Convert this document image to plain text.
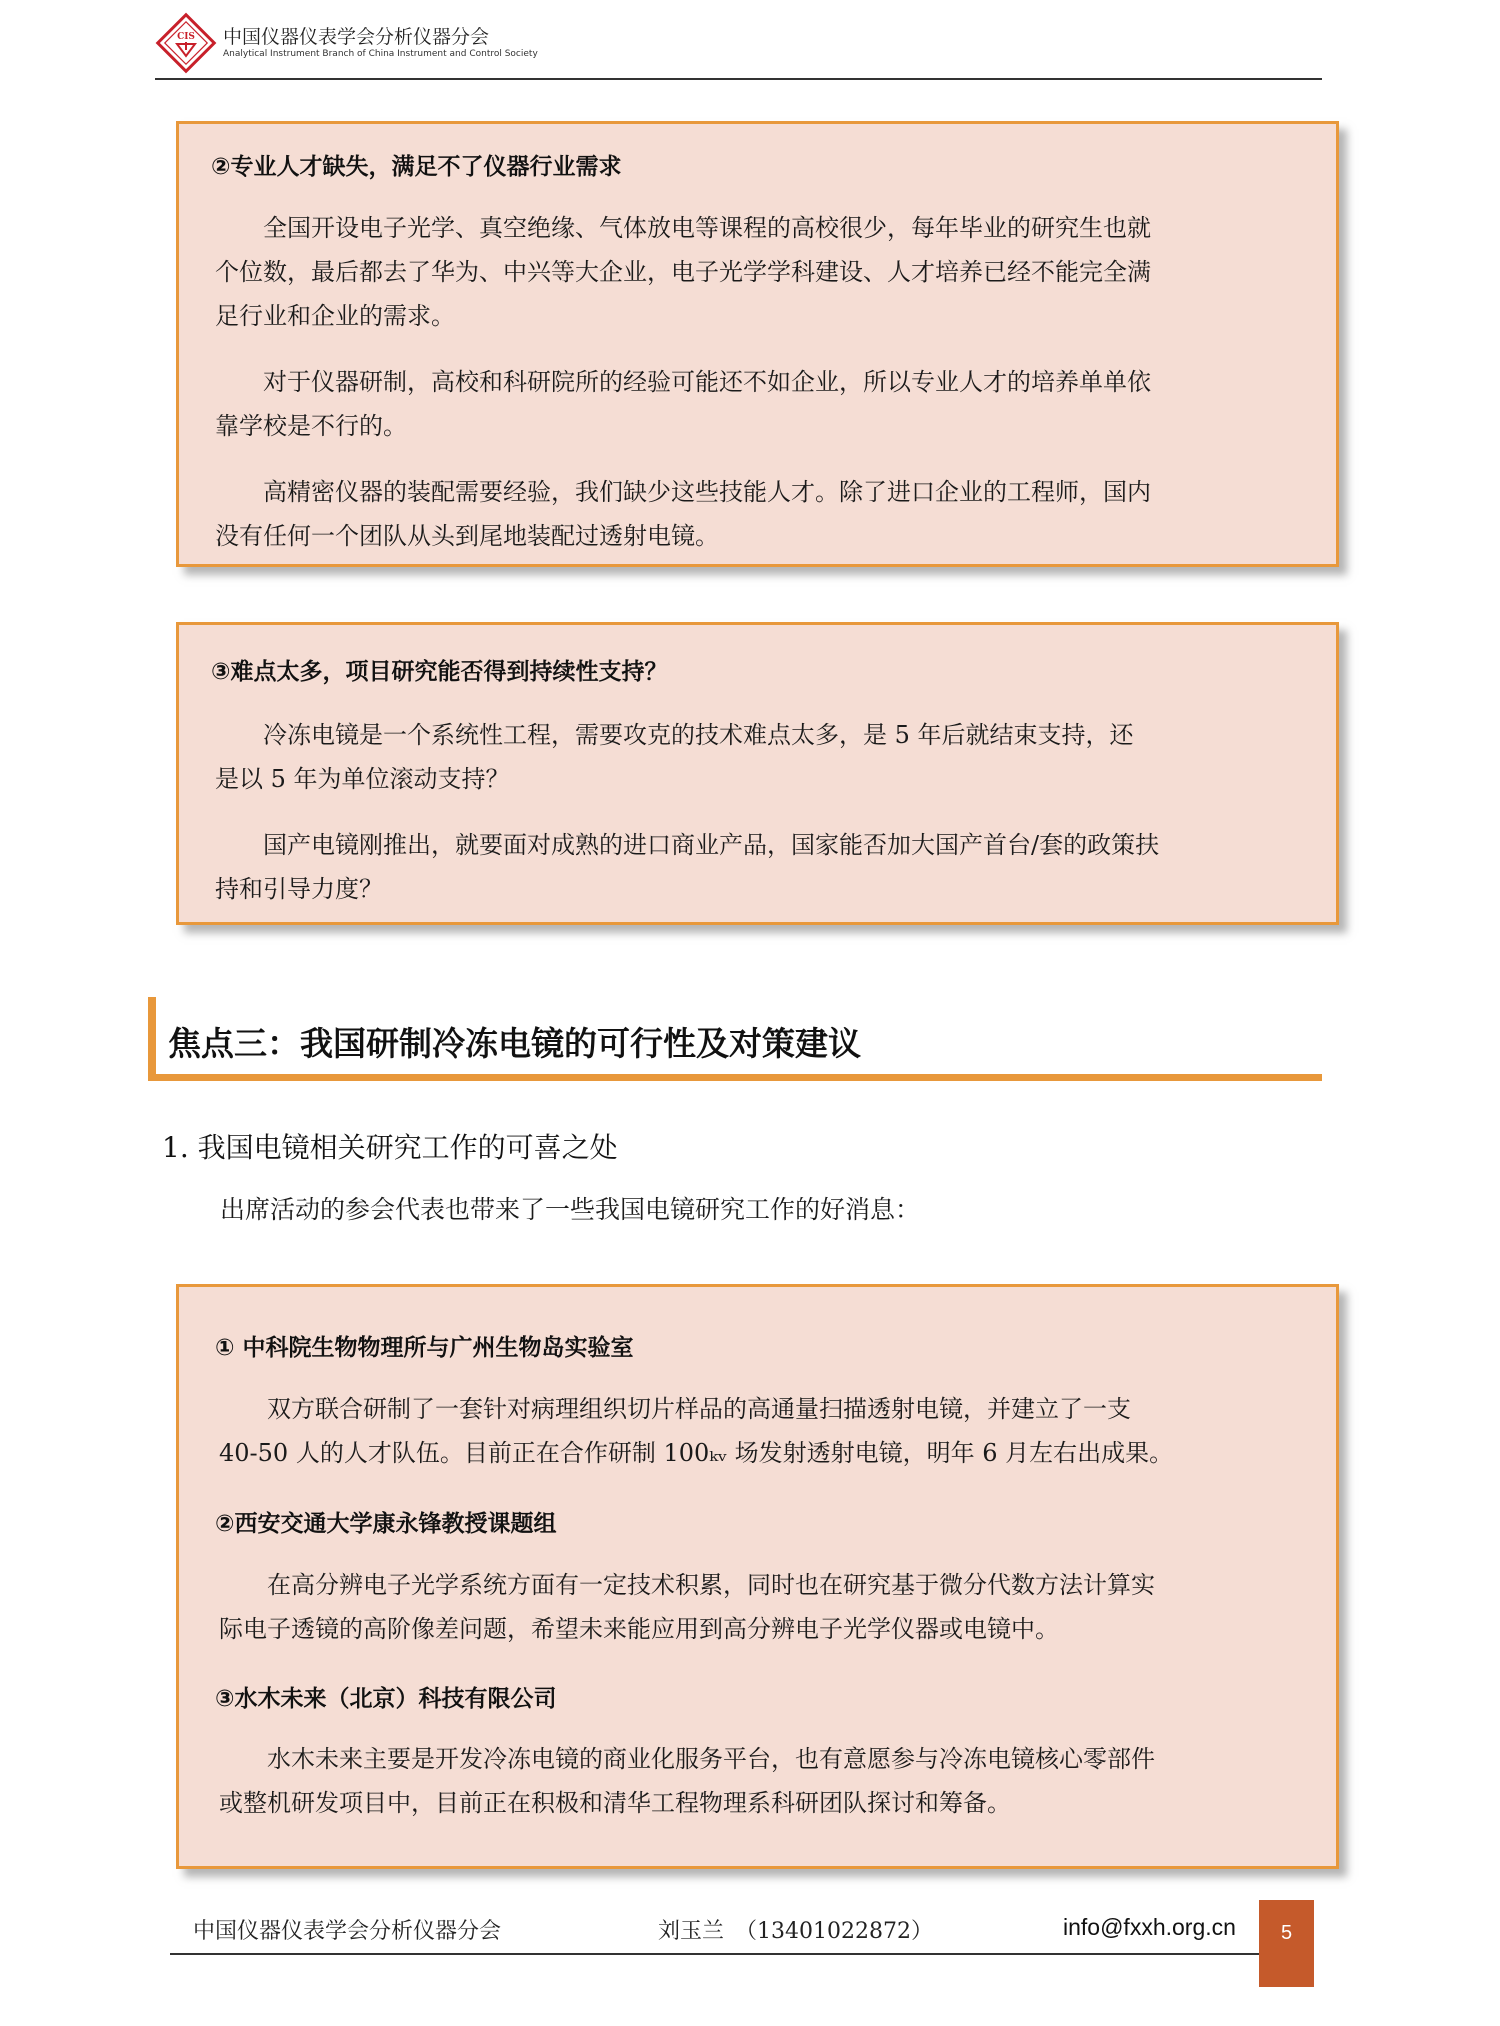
CIS 中国仪器仪表学会分析仪器分会
Analytical Instrument Branch of China Instrument and Control Society
②专业人才缺失，满足不了仪器行业需求
　　全国开设电子光学、真空绝缘、气体放电等课程的高校很少，每年毕业的研究生也就
个位数，最后都去了华为、中兴等大企业，电子光学学科建设、人才培养已经不能完全满
足行业和企业的需求。
　　对于仪器研制，高校和科研院所的经验可能还不如企业，所以专业人才的培养单单依
靠学校是不行的。
　　高精密仪器的装配需要经验，我们缺少这些技能人才。除了进口企业的工程师，国内
没有任何一个团队从头到尾地装配过透射电镜。
③难点太多，项目研究能否得到持续性支持？
　　冷冻电镜是一个系统性工程，需要攻克的技术难点太多，是 5 年后就结束支持，还
是以 5 年为单位滚动支持？
　　国产电镜刚推出，就要面对成熟的进口商业产品，国家能否加大国产首台/套的政策扶
持和引导力度？
焦点三：我国研制冷冻电镜的可行性及对策建议
1. 我国电镜相关研究工作的可喜之处
出席活动的参会代表也带来了一些我国电镜研究工作的好消息：
① 中科院生物物理所与广州生物岛实验室
　　双方联合研制了一套针对病理组织切片样品的高通量扫描透射电镜，并建立了一支
40-50 人的人才队伍。目前正在合作研制 100ₖᵥ 场发射透射电镜，明年 6 月左右出成果。
②西安交通大学康永锋教授课题组
　　在高分辨电子光学系统方面有一定技术积累，同时也在研究基于微分代数方法计算实
际电子透镜的高阶像差问题，希望未来能应用到高分辨电子光学仪器或电镜中。
③水木未来（北京）科技有限公司
　　水木未来主要是开发冷冻电镜的商业化服务平台，也有意愿参与冷冻电镜核心零部件
或整机研发项目中，目前正在积极和清华工程物理系科研团队探讨和筹备。
中国仪器仪表学会分析仪器分会	刘玉兰　（13401022872）	info@fxxh.org.cn	5
